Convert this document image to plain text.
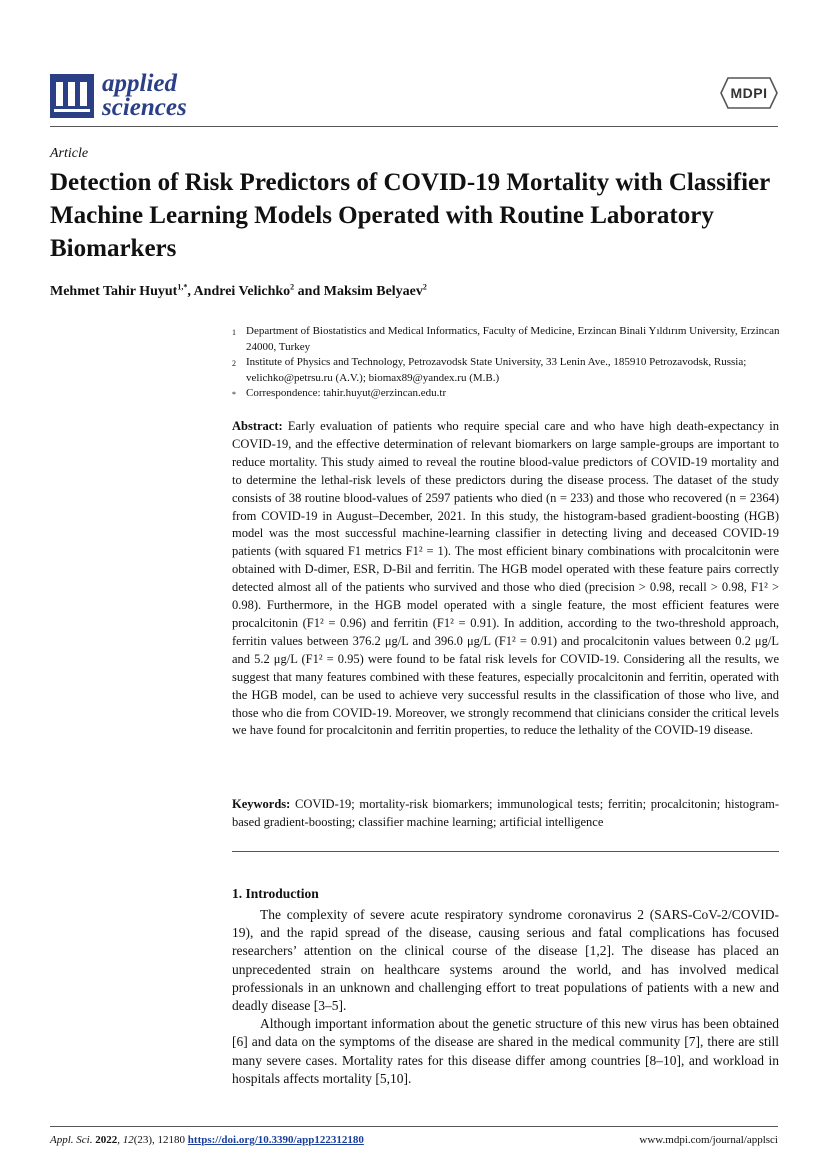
applied
sciences
MDPI
Article
Detection of Risk Predictors of COVID-19 Mortality with Classifier Machine Learning Models Operated with Routine Laboratory Biomarkers
Mehmet Tahir Huyut$^{1,*}$, Andrei Velichko$^2$ and Maksim Belyaev$^2$
1 Department of Biostatistics and Medical Informatics, Faculty of Medicine, Erzincan Binali Yıldırım University, Erzincan 24000, Turkey
2 Institute of Physics and Technology, Petrozavodsk State University, 33 Lenin Ave., 185910 Petrozavodsk, Russia; velichko@petrsu.ru (A.V.); biomax89@yandex.ru (M.B.)
* Correspondence: tahir.huyut@erzincan.edu.tr
Abstract: Early evaluation of patients who require special care and who have high death-expectancy in COVID-19, and the effective determination of relevant biomarkers on large sample-groups are important to reduce mortality. This study aimed to reveal the routine blood-value predictors of COVID-19 mortality and to determine the lethal-risk levels of these predictors during the disease process. The dataset of the study consists of 38 routine blood-values of 2597 patients who died (n = 233) and those who recovered (n = 2364) from COVID-19 in August–December, 2021. In this study, the histogram-based gradient-boosting (HGB) model was the most successful machine-learning classifier in detecting living and deceased COVID-19 patients (with squared F1 metrics F1² = 1). The most efficient binary combinations with procalcitonin were obtained with D-dimer, ESR, D-Bil and ferritin. The HGB model operated with these feature pairs correctly detected almost all of the patients who survived and those who died (precision > 0.98, recall > 0.98, F1² > 0.98). Furthermore, in the HGB model operated with a single feature, the most efficient features were procalcitonin (F1² = 0.96) and ferritin (F1² = 0.91). In addition, according to the two-threshold approach, ferritin values between 376.2 μg/L and 396.0 μg/L (F1² = 0.91) and procalcitonin values between 0.2 μg/L and 5.2 μg/L (F1² = 0.95) were found to be fatal risk levels for COVID-19. Considering all the results, we suggest that many features combined with these features, especially procalcitonin and ferritin, operated with the HGB model, can be used to achieve very successful results in the classification of those who live, and those who die from COVID-19. Moreover, we strongly recommend that clinicians consider the critical levels we have found for procalcitonin and ferritin properties, to reduce the lethality of the COVID-19 disease.
Keywords: COVID-19; mortality-risk biomarkers; immunological tests; ferritin; procalcitonin; histogram-based gradient-boosting; classifier machine learning; artificial intelligence
1. Introduction

The complexity of severe acute respiratory syndrome coronavirus 2 (SARS-CoV-2/COVID-19), and the rapid spread of the disease, causing serious and fatal complications has focused researchers’ attention on the clinical course of the disease [1,2]. The disease has placed an unprecedented strain on healthcare systems around the world, and has involved medical professionals in an unknown and challenging effort to treat populations of patients with a new and deadly disease [3–5].

Although important information about the genetic structure of this new virus has been obtained [6] and data on the symptoms of the disease are shared in the medical community [7], there are still many severe cases. Mortality rates for this disease differ among countries [8–10], and workload in hospitals affects mortality [5,10].

Appl. Sci. 2022, 12(23), 12180 https://doi.org/10.3390/app122312180	www.mdpi.com/journal/applsci
